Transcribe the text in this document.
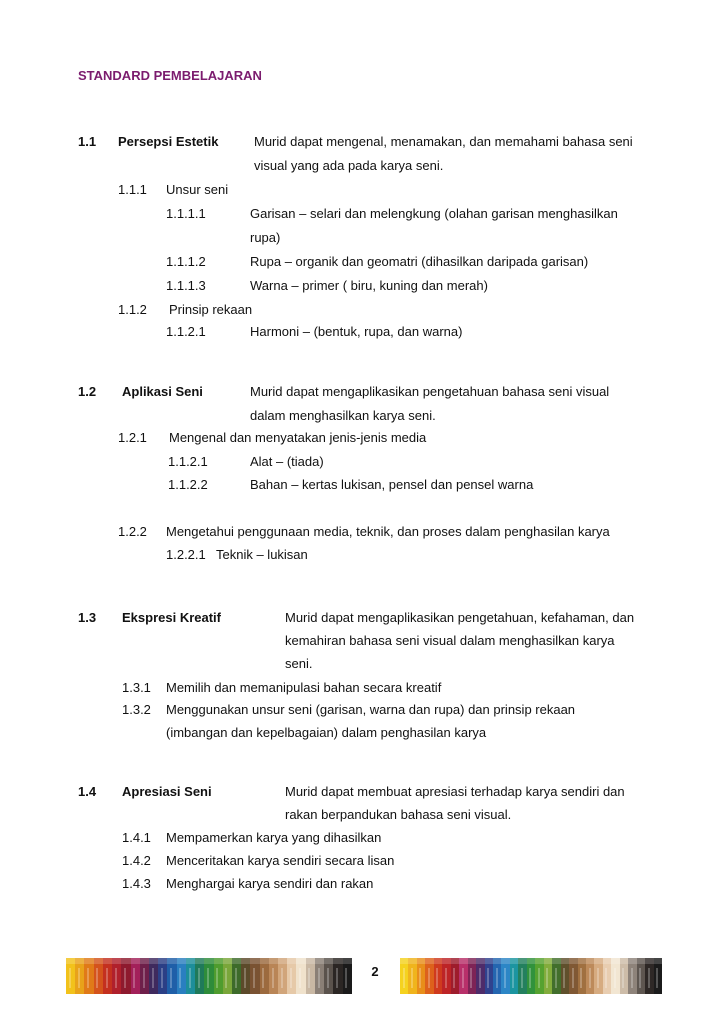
STANDARD PEMBELAJARAN
1.1 Persepsi Estetik	Murid dapat mengenal, menamakan, dan memahami bahasa seni
visual yang ada pada karya seni.
1.1.1 Unsur seni
1.1.1.1	Garisan – selari dan melengkung (olahan garisan menghasilkan
rupa)
1.1.1.2	Rupa – organik dan geomatri (dihasilkan daripada garisan)
1.1.1.3	Warna – primer ( biru, kuning dan merah)
1.1.2 Prinsip rekaan
1.1.2.1	Harmoni – (bentuk, rupa, dan warna)
1.2 Aplikasi Seni	Murid dapat mengaplikasikan pengetahuan bahasa seni visual
dalam menghasilkan karya seni.
1.2.1 Mengenal dan menyatakan jenis-jenis media
1.1.2.1	Alat – (tiada)
1.1.2.2	Bahan – kertas lukisan, pensel dan pensel warna
1.2.2 Mengetahui penggunaan media, teknik, dan proses dalam penghasilan karya
1.2.2.1 Teknik – lukisan
1.3 Ekspresi Kreatif	Murid dapat mengaplikasikan pengetahuan, kefahaman, dan
kemahiran bahasa seni visual dalam menghasilkan karya
seni.
1.3.1 Memilih dan memanipulasi bahan secara kreatif
1.3.2 Menggunakan unsur seni (garisan, warna dan rupa) dan prinsip rekaan
(imbangan dan kepelbagaian) dalam penghasilan karya
1.4 Apresiasi Seni	Murid dapat membuat apresiasi terhadap karya sendiri dan
rakan berpandukan bahasa seni visual.
1.4.1 Mempamerkan karya yang dihasilkan
1.4.2 Menceritakan karya sendiri secara lisan
1.4.3 Menghargai karya sendiri dan rakan
2
